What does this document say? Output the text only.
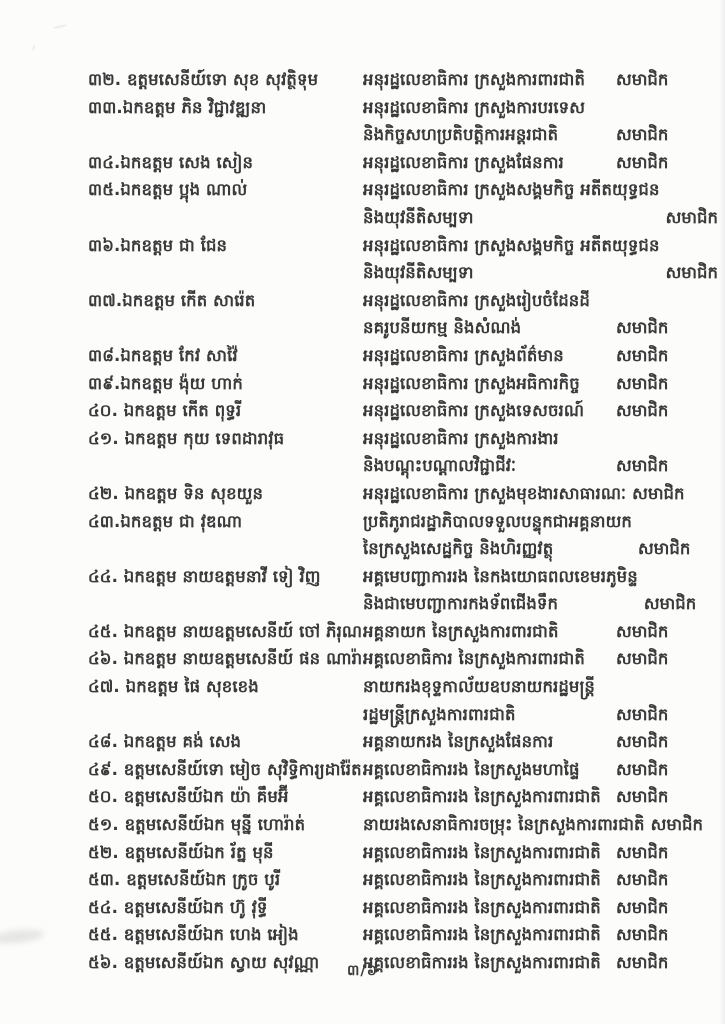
៣២. ឧត្តមសេនីយ៍ទោ សុខ សុវត្ថិទុម	អនុរដ្ឋលេខាធិការ ក្រសួងការពារជាតិ	សមាជិក
៣៣.ឯកឧត្តម ភិន វិជ្ជាវឌ្ឍនា	អនុរដ្ឋលេខាធិការ ក្រសួងការបរទេស
និងកិច្ចសហប្រតិបត្តិការអន្តរជាតិ	សមាជិក
៣៤.ឯកឧត្តម សេង សៀន	អនុរដ្ឋលេខាធិការ ក្រសួងផែនការ	សមាជិក
៣៥.ឯកឧត្តម ប្អុង ណាល់	អនុរដ្ឋលេខាធិការ ក្រសួងសង្គមកិច្ច អតីតយុទ្ធជន
និងយុវនីតិសម្បទា	សមាជិក
៣៦.ឯកឧត្តម ជា ជែន	អនុរដ្ឋលេខាធិការ ក្រសួងសង្គមកិច្ច អតីតយុទ្ធជន
និងយុវនីតិសម្បទា	សមាជិក
៣៧.ឯកឧត្តម កើត សារ៉េត	អនុរដ្ឋលេខាធិការ ក្រសួងរៀបចំដែនដី
នគរូបនីយកម្ម និងសំណង់	សមាជិក
៣៨.ឯកឧត្តម កែវ សាវ៉ៃ	អនុរដ្ឋលេខាធិការ ក្រសួងព័ត៌មាន	សមាជិក
៣៩.ឯកឧត្តម ង៉ុយ ហាក់	អនុរដ្ឋលេខាធិការ ក្រសួងអធិការកិច្ច	សមាជិក
៤០. ឯកឧត្តម កើត ពុទ្ធរី	អនុរដ្ឋលេខាធិការ ក្រសួងទេសចរណ៍	សមាជិក
៤១. ឯកឧត្តម កុយ ទេពដារាវុធ	អនុរដ្ឋលេខាធិការ ក្រសួងការងារ
និងបណ្ដុះបណ្ដាលវិជ្ជាជីវៈ	សមាជិក
៤២. ឯកឧត្តម ទិន សុខយួន	អនុរដ្ឋលេខាធិការ ក្រសួងមុខងារសាធារណៈ សមាជិក
៤៣.ឯកឧត្តម ជា វុឌណា	ប្រតិភូរាជរដ្ឋាភិបាលទទួលបន្ទុកជាអគ្គនាយក
នៃក្រសួងសេដ្ឋកិច្ច និងហិរញ្ញវត្ថុ	សមាជិក
៤៤. ឯកឧត្តម នាយឧត្តមនាវី ទៀ វិញ	អគ្គមេបញ្ជាការរង នៃកងយោធពលខេមរភូមិន្ទ
និងជាមេបញ្ជាការកងទ័ពជើងទឹក	សមាជិក
៤៥. ឯកឧត្តម នាយឧត្តមសេនីយ៍ ចៅ ភិរុណ អគ្គនាយក នៃក្រសួងការពារជាតិ	សមាជិក
៤៦. ឯកឧត្តម នាយឧត្តមសេនីយ៍ ផន ណារ៉ា អគ្គលេខាធិការ នៃក្រសួងការពារជាតិ	សមាជិក
៤៧. ឯកឧត្តម ផៃ សុខខេង	នាយករងខុទ្ទកាល័យឧបនាយករដ្ឋមន្ត្រី
រដ្ឋមន្ត្រីក្រសួងការពារជាតិ	សមាជិក
៤៨. ឯកឧត្តម គង់ សេង	អគ្គនាយករង នៃក្រសួងផែនការ	សមាជិក
៤៩. ឧត្តមសេនីយ៍ទោ មៀច សុវិទ្ធិការ្យដារ៉ែត អគ្គលេខាធិការរង នៃក្រសួងមហាផ្ទៃ	សមាជិក
៥០. ឧត្តមសេនីយ៍ឯក យ៉ា គឹមអ៊ី	អគ្គលេខាធិការរង នៃក្រសួងការពារជាតិ សមាជិក
៥១. ឧត្តមសេនីយ៍ឯក មុន្នី ហោរ៉ាត់	នាយរងសេនាធិការចម្រុះ នៃក្រសួងការពារជាតិ សមាជិក
៥២. ឧត្តមសេនីយ៍ឯក រ័ត្ន មុនី	អគ្គលេខាធិការរង នៃក្រសួងការពារជាតិ សមាជិក
៥៣. ឧត្តមសេនីយ៍ឯក ក្រូច បូរី	អគ្គលេខាធិការរង នៃក្រសួងការពារជាតិ សមាជិក
៥៤. ឧត្តមសេនីយ៍ឯក ហ៊ូ វុទ្ធី	អគ្គលេខាធិការរង នៃក្រសួងការពារជាតិ សមាជិក
៥៥. ឧត្តមសេនីយ៍ឯក ហេង អៀង	អគ្គលេខាធិការរង នៃក្រសួងការពារជាតិ សមាជិក
៥៦. ឧត្តមសេនីយ៍ឯក ស្វាយ សុវណ្ណា	អគ្គលេខាធិការរង នៃក្រសួងការពារជាតិ សមាជិក
៣/៦
